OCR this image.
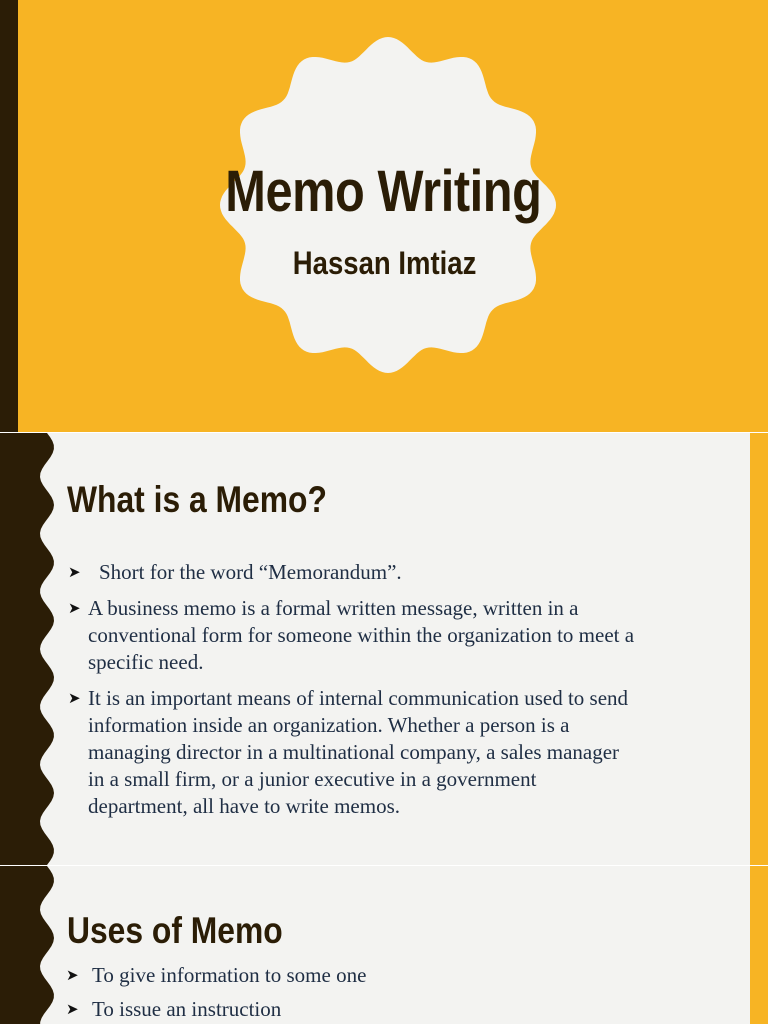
Memo Writing
Hassan Imtiaz
What is a Memo?
➤ Short for the word “Memorandum”.
➤ A business memo is a formal written message, written in a conventional form for someone within the organization to meet a specific need.
➤ It is an important means of internal communication used to send information inside an organization. Whether a person is a managing director in a multinational company, a sales manager in a small firm, or a junior executive in a government department, all have to write memos.
Uses of Memo
➤ To give information to some one
➤ To issue an instruction
